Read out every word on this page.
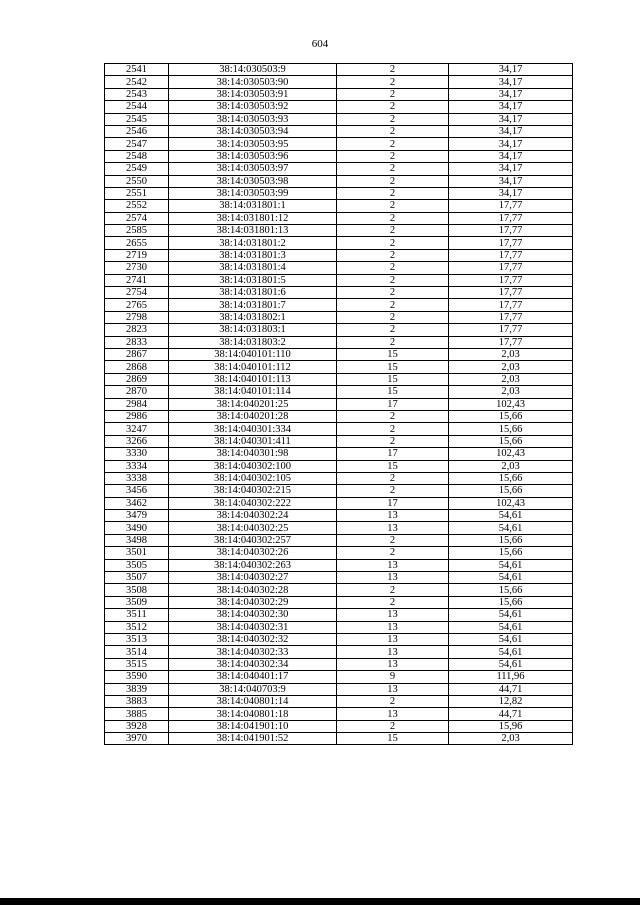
604
2541	38:14:030503:9	2	34,17
2542	38:14:030503:90	2	34,17
2543	38:14:030503:91	2	34,17
2544	38:14:030503:92	2	34,17
2545	38:14:030503:93	2	34,17
2546	38:14:030503:94	2	34,17
2547	38:14:030503:95	2	34,17
2548	38:14:030503:96	2	34,17
2549	38:14:030503:97	2	34,17
2550	38:14:030503:98	2	34,17
2551	38:14:030503:99	2	34,17
2552	38:14:031801:1	2	17,77
2574	38:14:031801:12	2	17,77
2585	38:14:031801:13	2	17,77
2655	38:14:031801:2	2	17,77
2719	38:14:031801:3	2	17,77
2730	38:14:031801:4	2	17,77
2741	38:14:031801:5	2	17,77
2754	38:14:031801:6	2	17,77
2765	38:14:031801:7	2	17,77
2798	38:14:031802:1	2	17,77
2823	38:14:031803:1	2	17,77
2833	38:14:031803:2	2	17,77
2867	38:14:040101:110	15	2,03
2868	38:14:040101:112	15	2,03
2869	38:14:040101:113	15	2,03
2870	38:14:040101:114	15	2,03
2984	38:14:040201:25	17	102,43
2986	38:14:040201:28	2	15,66
3247	38:14:040301:334	2	15,66
3266	38:14:040301:411	2	15,66
3330	38:14:040301:98	17	102,43
3334	38:14:040302:100	15	2,03
3338	38:14:040302:105	2	15,66
3456	38:14:040302:215	2	15,66
3462	38:14:040302:222	17	102,43
3479	38:14:040302:24	13	54,61
3490	38:14:040302:25	13	54,61
3498	38:14:040302:257	2	15,66
3501	38:14:040302:26	2	15,66
3505	38:14:040302:263	13	54,61
3507	38:14:040302:27	13	54,61
3508	38:14:040302:28	2	15,66
3509	38:14:040302:29	2	15,66
3511	38:14:040302:30	13	54,61
3512	38:14:040302:31	13	54,61
3513	38:14:040302:32	13	54,61
3514	38:14:040302:33	13	54,61
3515	38:14:040302:34	13	54,61
3590	38:14:040401:17	9	111,96
3839	38:14:040703:9	13	44,71
3883	38:14:040801:14	2	12,82
3885	38:14:040801:18	13	44,71
3928	38:14:041901:10	2	15,96
3970	38:14:041901:52	15	2,03
